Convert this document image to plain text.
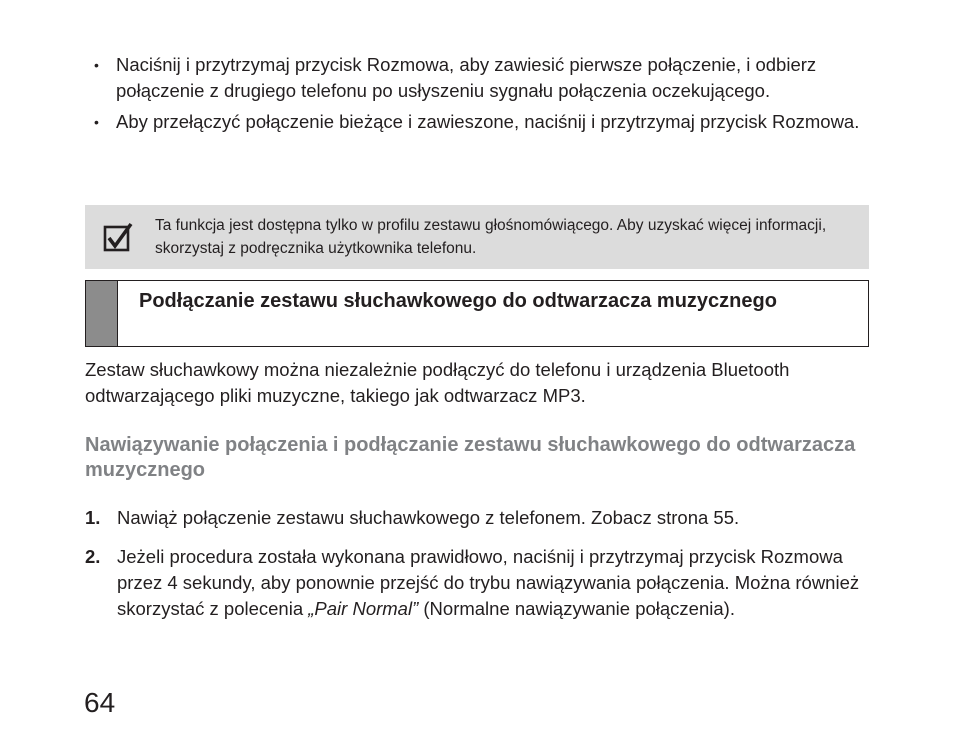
• Naciśnij i przytrzymaj przycisk Rozmowa, aby zawiesić pierwsze połączenie, i odbierz połączenie z drugiego telefonu po usłyszeniu sygnału połączenia oczekującego.
• Aby przełączyć połączenie bieżące i zawieszone, naciśnij i przytrzymaj przycisk Rozmowa.
Ta funkcja jest dostępna tylko w profilu zestawu głośnomówiącego. Aby uzyskać więcej informacji, skorzystaj z podręcznika użytkownika telefonu.
Podłączanie zestawu słuchawkowego do odtwarzacza muzycznego
Zestaw słuchawkowy można niezależnie podłączyć do telefonu i urządzenia Bluetooth odtwarzającego pliki muzyczne, takiego jak odtwarzacz MP3.
Nawiązywanie połączenia i podłączanie zestawu słuchawkowego do odtwarzacza muzycznego
1. Nawiąż połączenie zestawu słuchawkowego z telefonem. Zobacz strona 55.
2. Jeżeli procedura została wykonana prawidłowo, naciśnij i przytrzymaj przycisk Rozmowa przez 4 sekundy, aby ponownie przejść do trybu nawiązywania połączenia. Można również skorzystać z polecenia „Pair Normal” (Normalne nawiązywanie połączenia).
64
